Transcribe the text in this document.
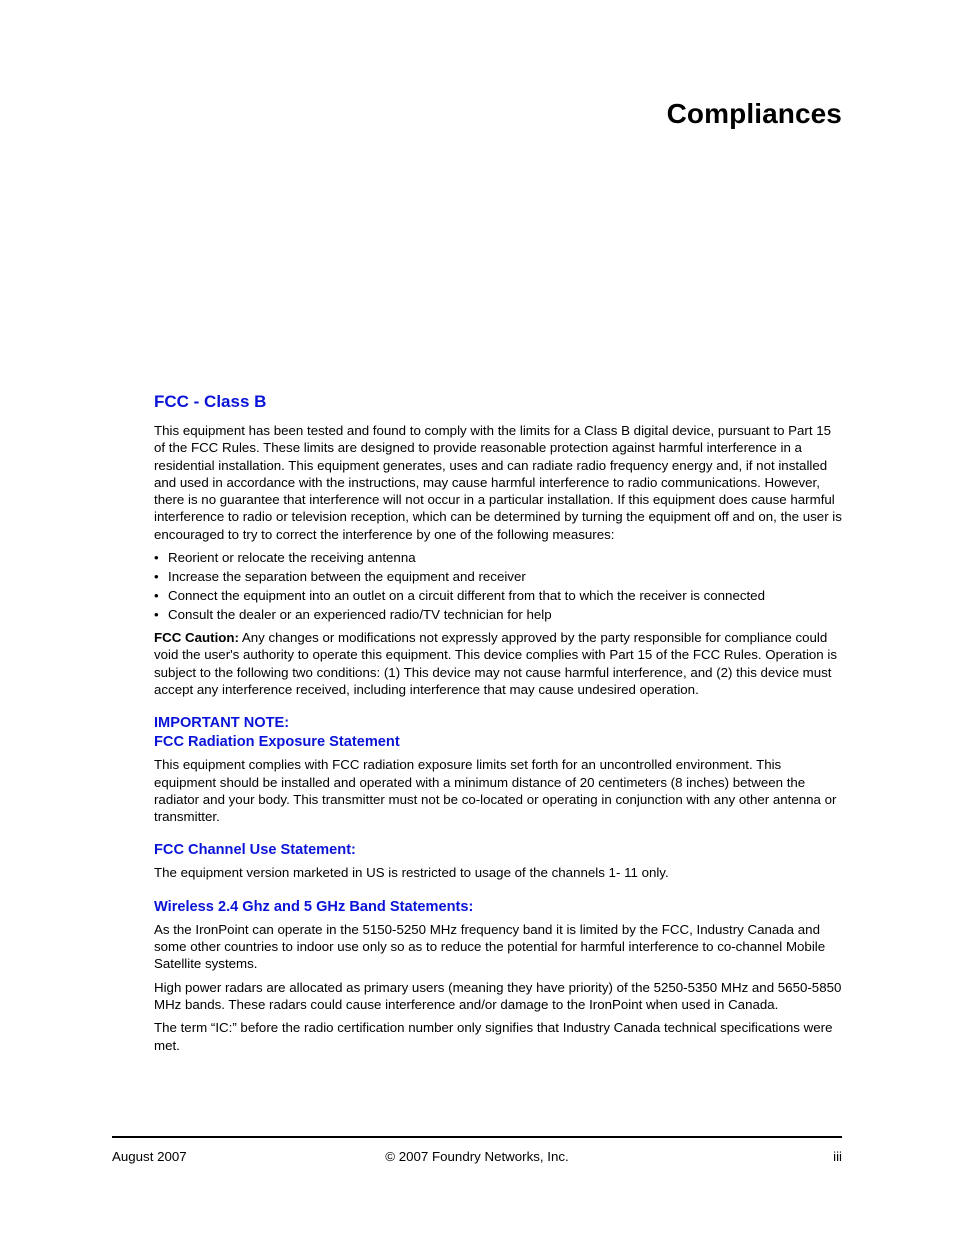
Compliances
FCC - Class B

This equipment has been tested and found to comply with the limits for a Class B digital device, pursuant to Part 15 of the FCC Rules. These limits are designed to provide reasonable protection against harmful interference in a residential installation. This equipment generates, uses and can radiate radio frequency energy and, if not installed and used in accordance with the instructions, may cause harmful interference to radio communications. However, there is no guarantee that interference will not occur in a particular installation. If this equipment does cause harmful interference to radio or television reception, which can be determined by turning the equipment off and on, the user is encouraged to try to correct the interference by one of the following measures:

• Reorient or relocate the receiving antenna
• Increase the separation between the equipment and receiver
• Connect the equipment into an outlet on a circuit different from that to which the receiver is connected
• Consult the dealer or an experienced radio/TV technician for help

FCC Caution: Any changes or modifications not expressly approved by the party responsible for compliance could void the user's authority to operate this equipment. This device complies with Part 15 of the FCC Rules. Operation is subject to the following two conditions: (1) This device may not cause harmful interference, and (2) this device must accept any interference received, including interference that may cause undesired operation.

IMPORTANT NOTE:
FCC Radiation Exposure Statement

This equipment complies with FCC radiation exposure limits set forth for an uncontrolled environment. This equipment should be installed and operated with a minimum distance of 20 centimeters (8 inches) between the radiator and your body. This transmitter must not be co-located or operating in conjunction with any other antenna or transmitter.

FCC Channel Use Statement:

The equipment version marketed in US is restricted to usage of the channels 1- 11 only.

Wireless 2.4 Ghz and 5 GHz Band Statements:

As the IronPoint can operate in the 5150-5250 MHz frequency band it is limited by the FCC, Industry Canada and some other countries to indoor use only so as to reduce the potential for harmful interference to co-channel Mobile Satellite systems.

High power radars are allocated as primary users (meaning they have priority) of the 5250-5350 MHz and 5650-5850 MHz bands. These radars could cause interference and/or damage to the IronPoint when used in Canada.

The term “IC:” before the radio certification number only signifies that Industry Canada technical specifications were met.

August 2007	© 2007 Foundry Networks, Inc.	iii
